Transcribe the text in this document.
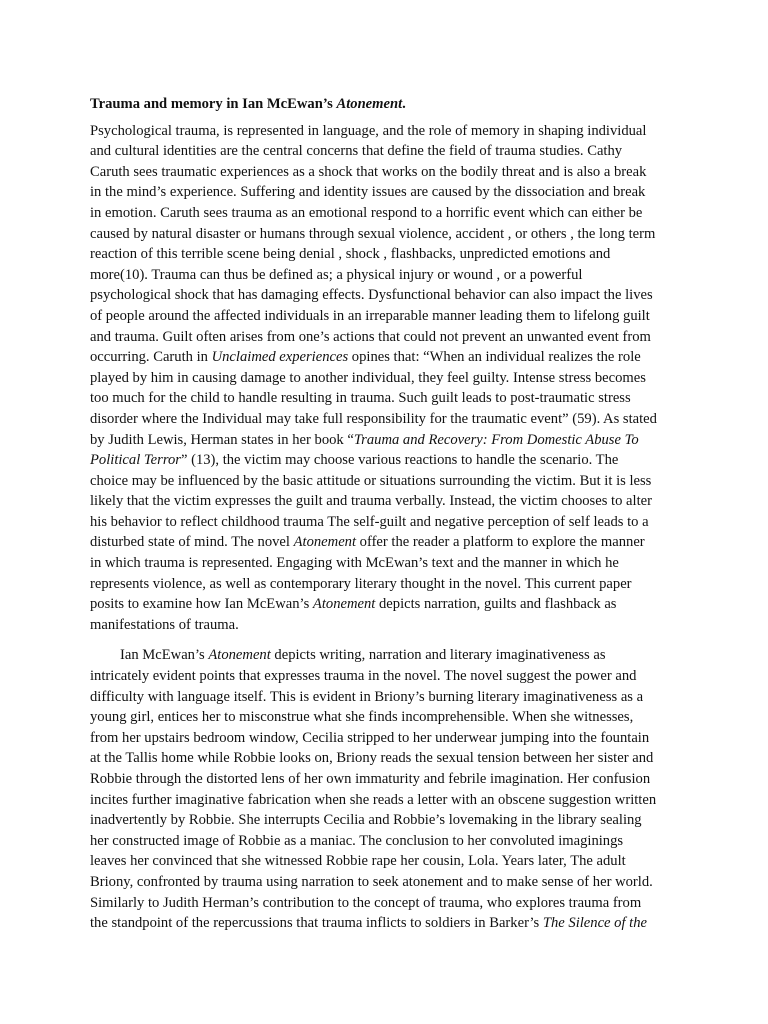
Trauma and memory in Ian McEwan’s Atonement.

Psychological trauma, is represented in language, and the role of memory in shaping individual
and cultural identities are the central concerns that define the field of trauma studies. Cathy
Caruth sees traumatic experiences as a shock that works on the bodily threat and is also a break
in the mind’s experience. Suffering and identity issues are caused by the dissociation and break
in emotion. Caruth sees trauma as an emotional respond to a horrific event which can either be
caused by natural disaster or humans through sexual violence, accident , or others , the long term
reaction of this terrible scene being denial , shock , flashbacks, unpredicted emotions and
more(10). Trauma can thus be defined as; a physical injury or wound , or a powerful
psychological shock that has damaging effects. Dysfunctional behavior can also impact the lives
of people around the affected individuals in an irreparable manner leading them to lifelong guilt
and trauma. Guilt often arises from one’s actions that could not prevent an unwanted event from
occurring. Caruth in Unclaimed experiences opines that: “When an individual realizes the role
played by him in causing damage to another individual, they feel guilty. Intense stress becomes
too much for the child to handle resulting in trauma. Such guilt leads to post-traumatic stress
disorder where the Individual may take full responsibility for the traumatic event” (59). As stated
by Judith Lewis, Herman states in her book “Trauma and Recovery: From Domestic Abuse To
Political Terror” (13), the victim may choose various reactions to handle the scenario. The
choice may be influenced by the basic attitude or situations surrounding the victim. But it is less
likely that the victim expresses the guilt and trauma verbally. Instead, the victim chooses to alter
his behavior to reflect childhood trauma The self-guilt and negative perception of self leads to a
disturbed state of mind. The novel Atonement offer the reader a platform to explore the manner
in which trauma is represented. Engaging with McEwan’s text and the manner in which he
represents violence, as well as contemporary literary thought in the novel. This current paper
posits to examine how Ian McEwan’s Atonement depicts narration, guilts and flashback as
manifestations of trauma.

Ian McEwan’s Atonement depicts writing, narration and literary imaginativeness as
intricately evident points that expresses trauma in the novel. The novel suggest the power and
difficulty with language itself. This is evident in Briony’s burning literary imaginativeness as a
young girl, entices her to misconstrue what she finds incomprehensible. When she witnesses,
from her upstairs bedroom window, Cecilia stripped to her underwear jumping into the fountain
at the Tallis home while Robbie looks on, Briony reads the sexual tension between her sister and
Robbie through the distorted lens of her own immaturity and febrile imagination. Her confusion
incites further imaginative fabrication when she reads a letter with an obscene suggestion written
inadvertently by Robbie. She interrupts Cecilia and Robbie’s lovemaking in the library sealing
her constructed image of Robbie as a maniac. The conclusion to her convoluted imaginings
leaves her convinced that she witnessed Robbie rape her cousin, Lola. Years later, The adult
Briony, confronted by trauma using narration to seek atonement and to make sense of her world.
Similarly to Judith Herman’s contribution to the concept of trauma, who explores trauma from
the standpoint of the repercussions that trauma inflicts to soldiers in Barker’s The Silence of the
